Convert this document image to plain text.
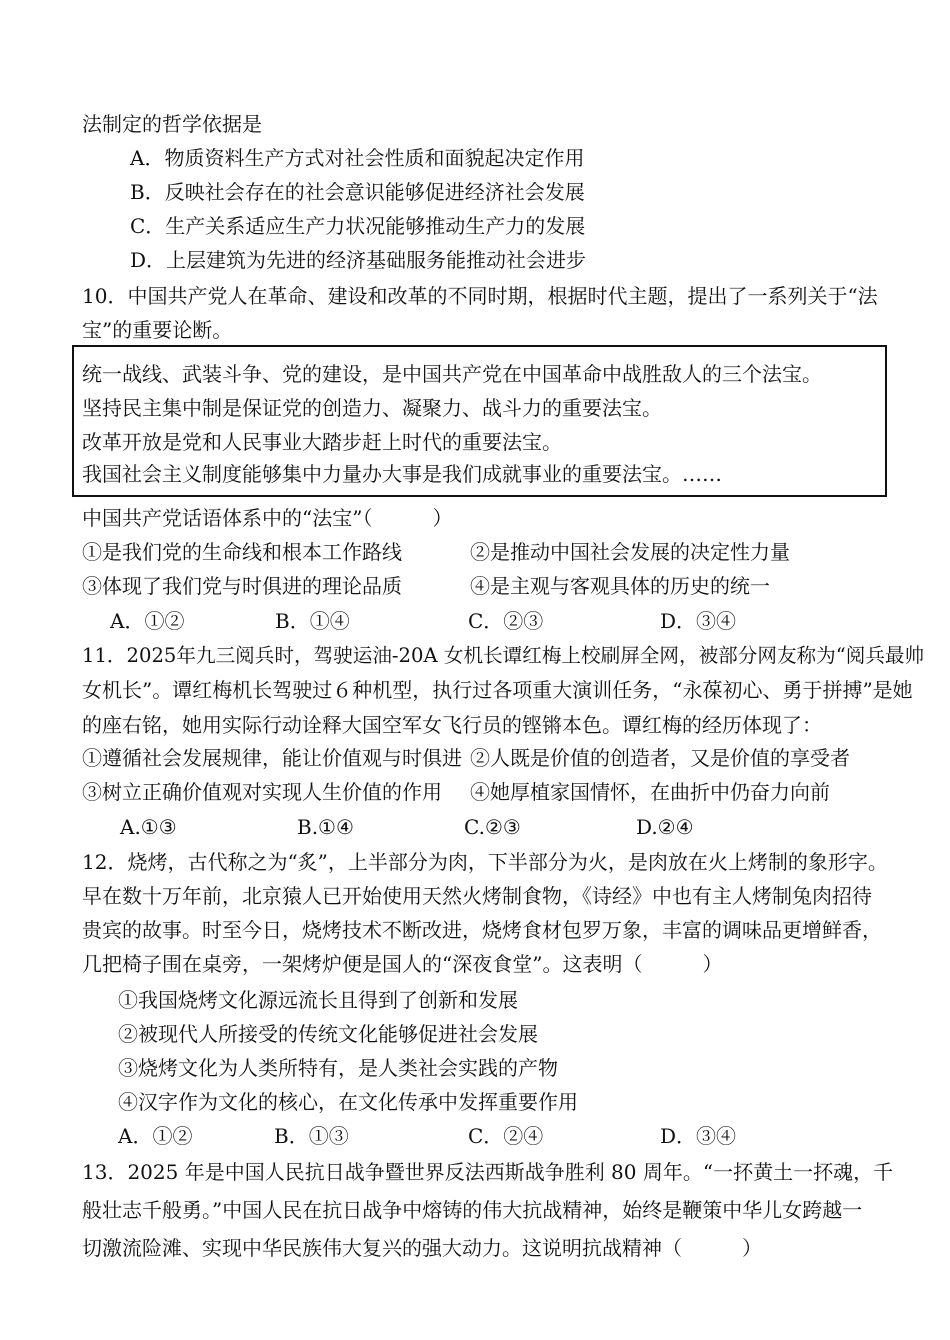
法制定的哲学依据是
A．物质资料生产方式对社会性质和面貌起决定作用
B．反映社会存在的社会意识能够促进经济社会发展
C．生产关系适应生产力状况能够推动生产力的发展
D．上层建筑为先进的经济基础服务能推动社会进步
10．中国共产党人在革命、建设和改革的不同时期，根据时代主题，提出了一系列关于“法
宝”的重要论断。
统一战线、武装斗争、党的建设，是中国共产党在中国革命中战胜敌人的三个法宝。
坚持民主集中制是保证党的创造力、凝聚力、战斗力的重要法宝。
改革开放是党和人民事业大踏步赶上时代的重要法宝。
我国社会主义制度能够集中力量办大事是我们成就事业的重要法宝。……
中国共产党话语体系中的“法宝”（　　　）
①是我们党的生命线和根本工作路线	②是推动中国社会发展的决定性力量
③体现了我们党与时俱进的理论品质	④是主观与客观具体的历史的统一
A．①②	B．①④	C．②③	D．③④
11．2025年九三阅兵时，驾驶运油-20A 女机长谭红梅上校刷屏全网，被部分网友称为“阅兵最帅
女机长”。谭红梅机长驾驶过６种机型，执行过各项重大演训任务，“永葆初心、勇于拼搏”是她
的座右铭，她用实际行动诠释大国空军女飞行员的铿锵本色。谭红梅的经历体现了：
①遵循社会发展规律，能让价值观与时俱进 ②人既是价值的创造者，又是价值的享受者
③树立正确价值观对实现人生价值的作用 ④她厚植家国情怀，在曲折中仍奋力向前
A.①③	B.①④	C.②③	D.②④
12．烧烤，古代称之为“炙”，上半部分为肉，下半部分为火，是肉放在火上烤制的象形字。
早在数十万年前，北京猿人已开始使用天然火烤制食物，《诗经》中也有主人烤制兔肉招待
贵宾的故事。时至今日，烧烤技术不断改进，烧烤食材包罗万象，丰富的调味品更增鲜香，
几把椅子围在桌旁，一架烤炉便是国人的“深夜食堂”。这表明（　　　）
①我国烧烤文化源远流长且得到了创新和发展
②被现代人所接受的传统文化能够促进社会发展
③烧烤文化为人类所特有，是人类社会实践的产物
④汉字作为文化的核心，在文化传承中发挥重要作用
A．①②	B．①③	C．②④	D．③④
13．2025 年是中国人民抗日战争暨世界反法西斯战争胜利 80 周年。“一抔黄土一抔魂，千
般壮志千般勇。”中国人民在抗日战争中熔铸的伟大抗战精神，始终是鞭策中华儿女跨越一
切激流险滩、实现中华民族伟大复兴的强大动力。这说明抗战精神（　　　）
